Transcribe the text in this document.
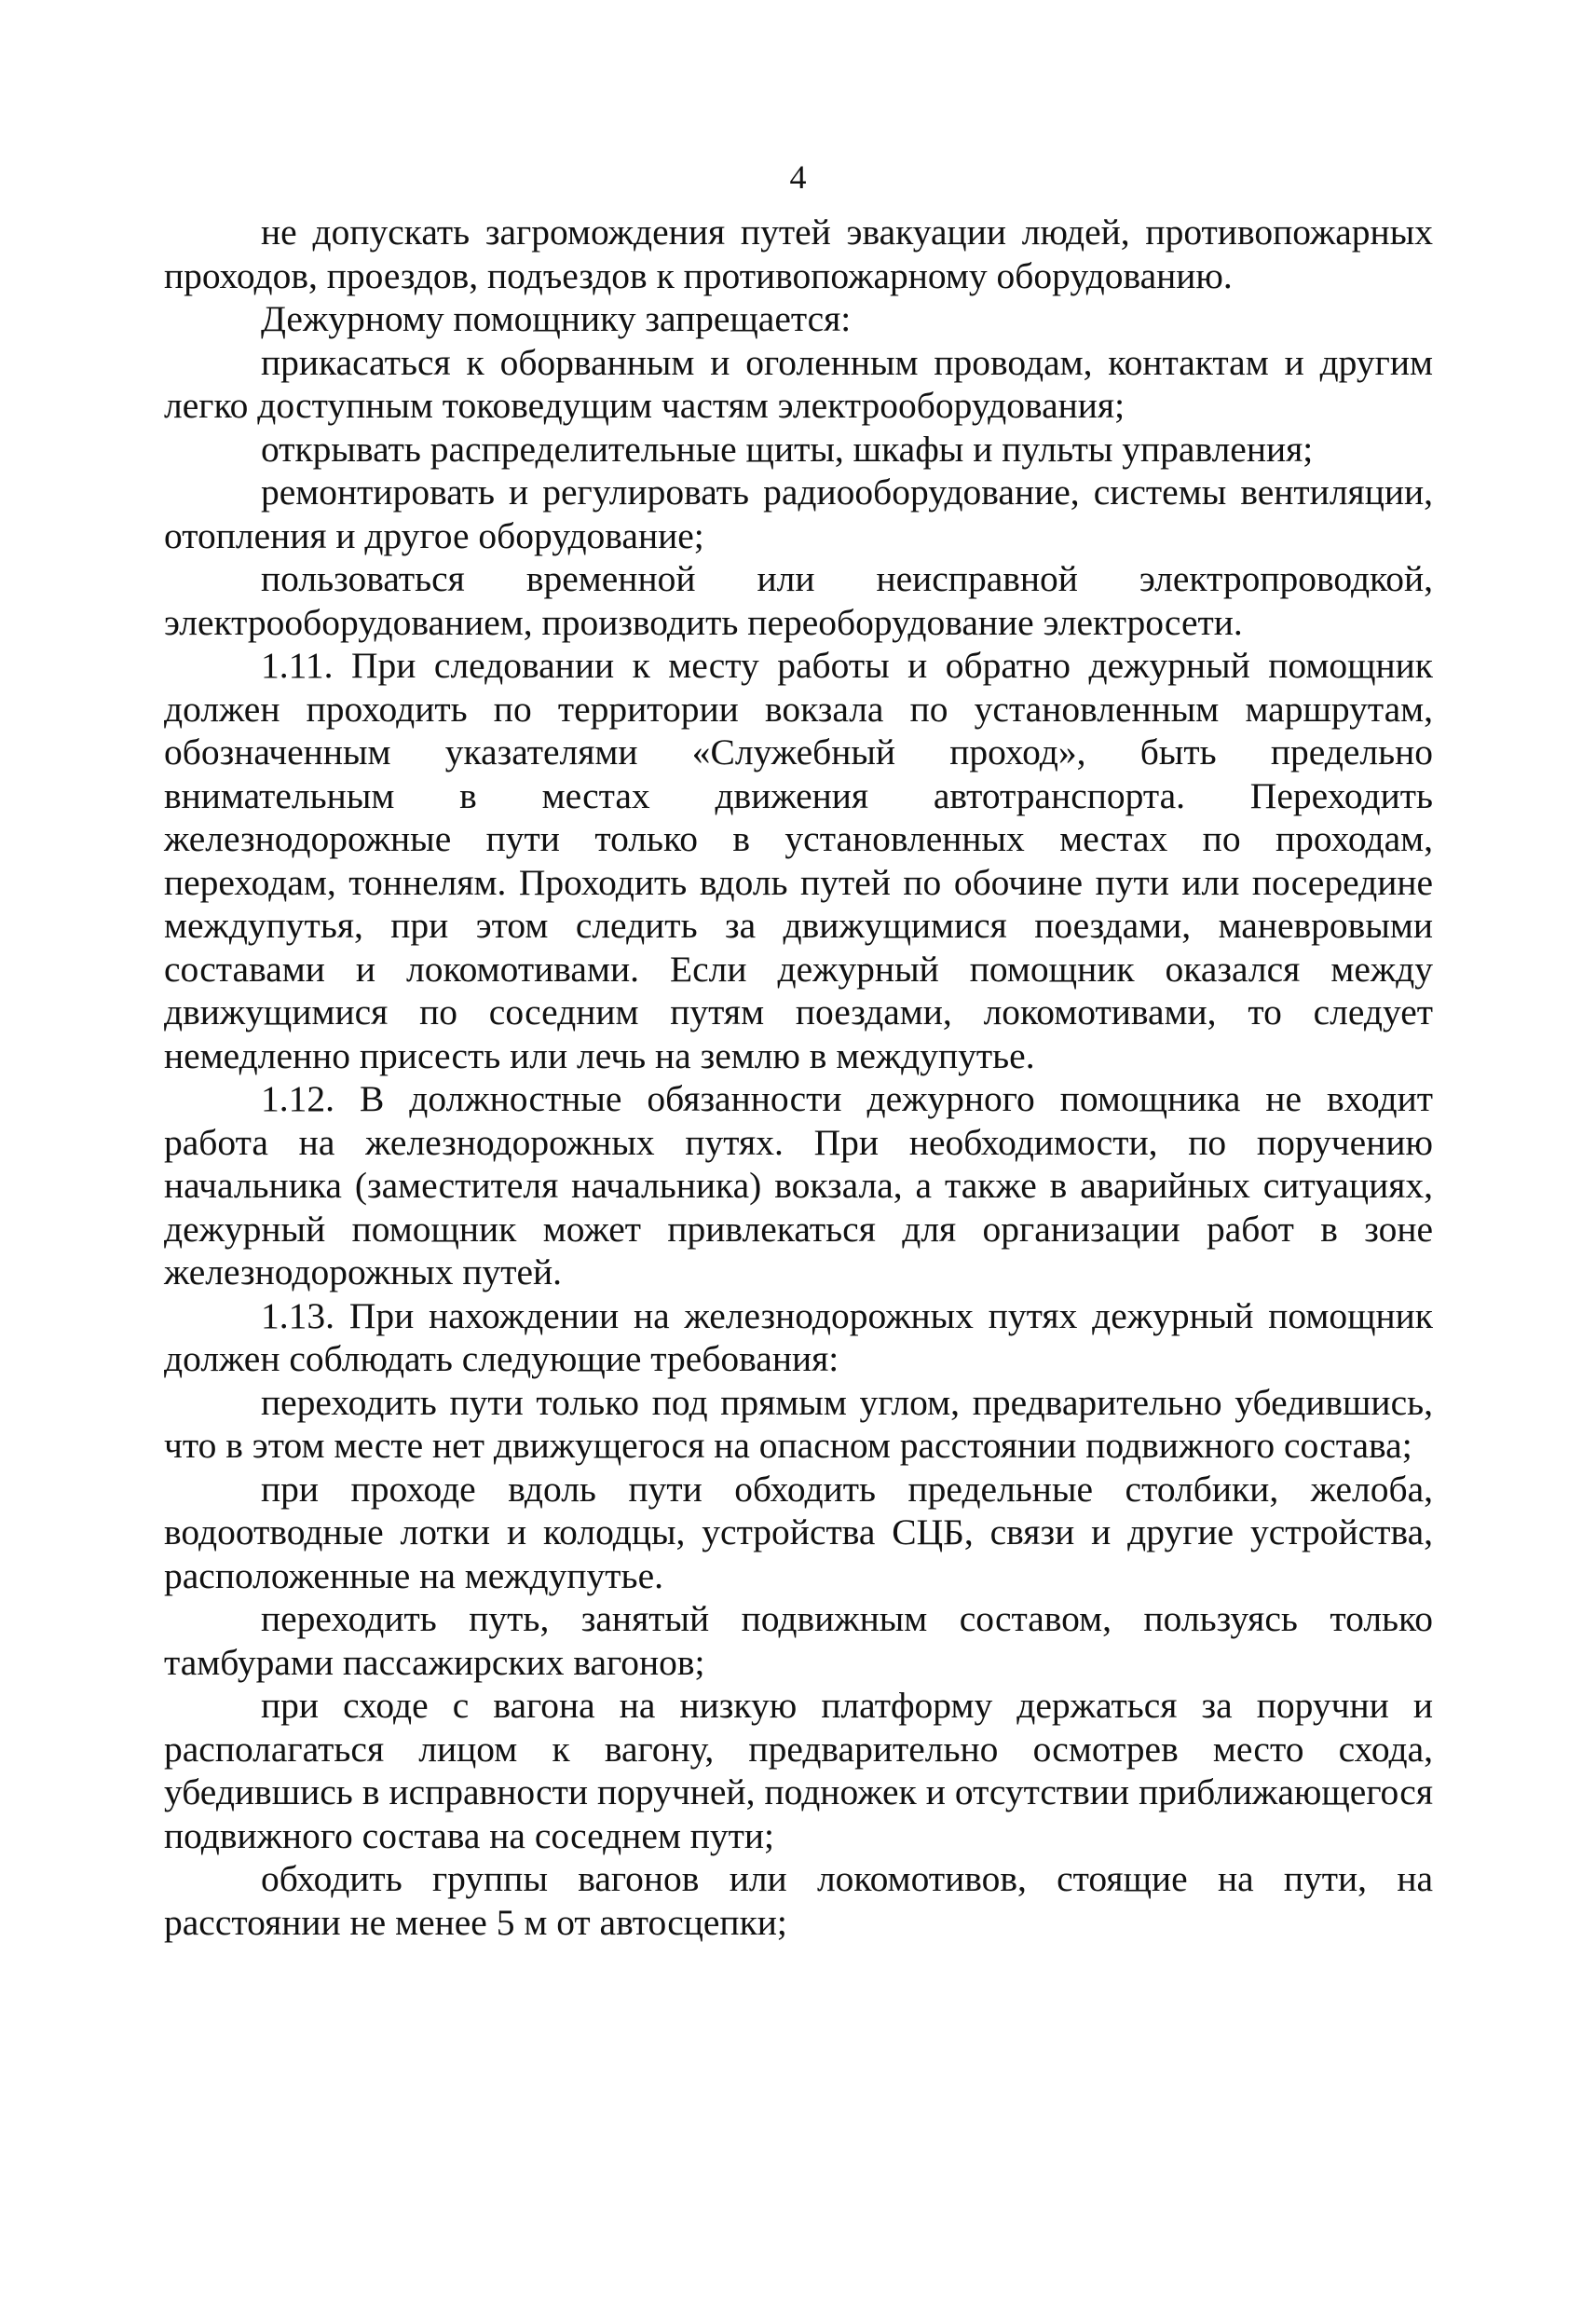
4

не допускать загромождения путей эвакуации людей, противопожарных проходов, проездов, подъездов к противопожарному оборудованию.

Дежурному помощнику запрещается:

прикасаться к оборванным и оголенным проводам, контактам и другим легко доступным токоведущим частям электрооборудования;

открывать распределительные щиты, шкафы и пульты управления;

ремонтировать и регулировать радиооборудование, системы вентиляции, отопления и другое оборудование;

пользоваться временной или неисправной электропроводкой, электрооборудованием, производить переоборудование электросети.

1.11. При следовании к месту работы и обратно дежурный помощник должен проходить по территории вокзала по установленным маршрутам, обозначенным указателями «Служебный проход», быть предельно внимательным в местах движения автотранспорта. Переходить железнодорожные пути только в установленных местах по проходам, переходам, тоннелям. Проходить вдоль путей по обочине пути или посередине междупутья, при этом следить за движущимися поездами, маневровыми составами и локомотивами. Если дежурный помощник оказался между движущимися по соседним путям поездами, локомотивами, то следует немедленно присесть или лечь на землю в междупутье.

1.12. В должностные обязанности дежурного помощника не входит работа на железнодорожных путях. При необходимости, по поручению начальника (заместителя начальника) вокзала, а также в аварийных ситуациях, дежурный помощник может привлекаться для организации работ в зоне железнодорожных путей.

1.13. При нахождении на железнодорожных путях дежурный помощник должен соблюдать следующие требования:

переходить пути только под прямым углом, предварительно убедившись, что в этом месте нет движущегося на опасном расстоянии подвижного состава;

при проходе вдоль пути обходить предельные столбики, желоба, водоотводные лотки и колодцы, устройства СЦБ, связи и другие устройства, расположенные на междупутье.

переходить путь, занятый подвижным составом, пользуясь только тамбурами пассажирских вагонов;

при сходе с вагона на низкую платформу держаться за поручни и располагаться лицом к вагону, предварительно осмотрев место схода, убедившись в исправности поручней, подножек и отсутствии приближающегося подвижного состава на соседнем пути;

обходить группы вагонов или локомотивов, стоящие на пути, на расстоянии не менее 5 м от автосцепки;
